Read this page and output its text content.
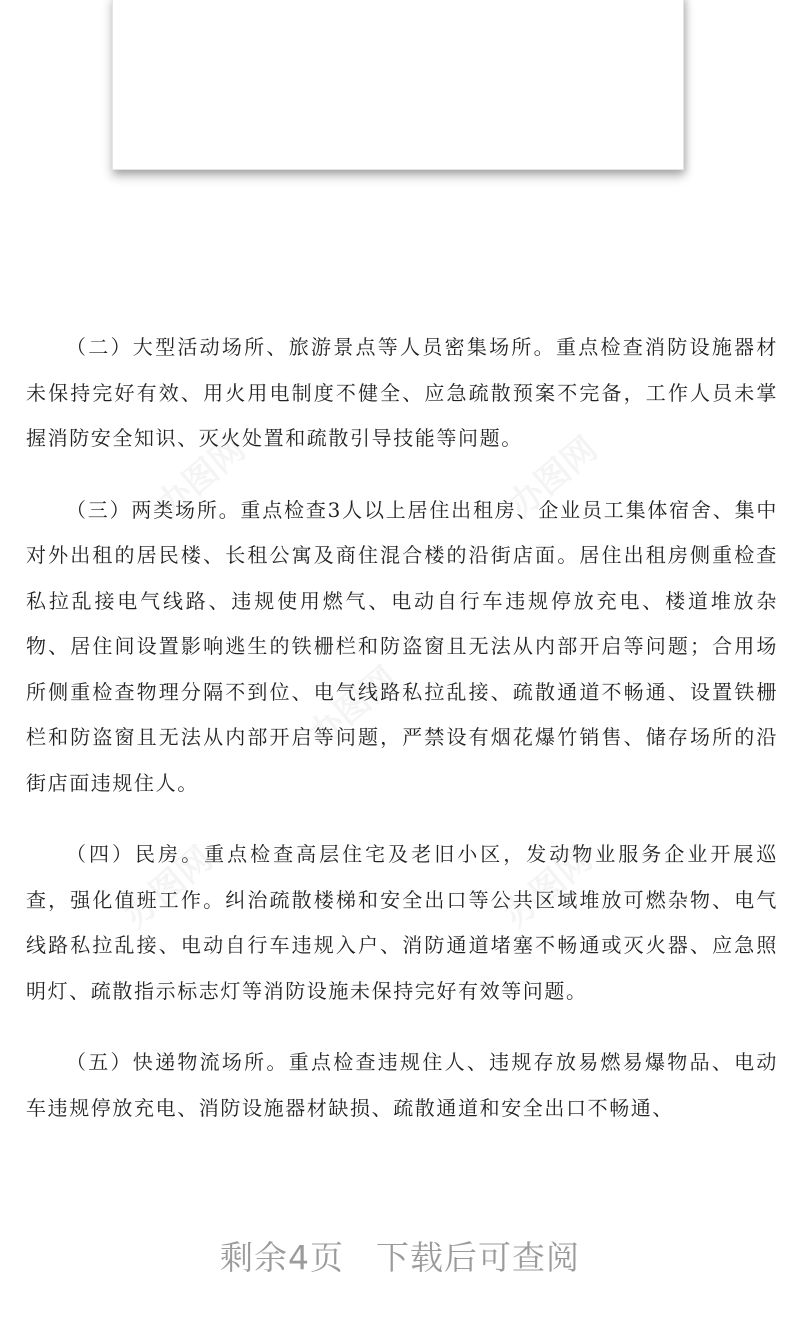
办图网	办图网
办图网
办图网	办图网

（二）大型活动场所、旅游景点等人员密集场所。重点检查消防设施器材未保持完好有效、用火用电制度不健全、应急疏散预案不完备，工作人员未掌握消防安全知识、灭火处置和疏散引导技能等问题。

（三）两类场所。重点检查3人以上居住出租房、企业员工集体宿舍、集中对外出租的居民楼、长租公寓及商住混合楼的沿街店面。居住出租房侧重检查私拉乱接电气线路、违规使用燃气、电动自行车违规停放充电、楼道堆放杂物、居住间设置影响逃生的铁栅栏和防盗窗且无法从内部开启等问题；合用场所侧重检查物理分隔不到位、电气线路私拉乱接、疏散通道不畅通、设置铁栅栏和防盗窗且无法从内部开启等问题，严禁设有烟花爆竹销售、储存场所的沿街店面违规住人。

（四）民房。重点检查高层住宅及老旧小区，发动物业服务企业开展巡查，强化值班工作。纠治疏散楼梯和安全出口等公共区域堆放可燃杂物、电气线路私拉乱接、电动自行车违规入户、消防通道堵塞不畅通或灭火器、应急照明灯、疏散指示标志灯等消防设施未保持完好有效等问题。

（五）快递物流场所。重点检查违规住人、违规存放易燃易爆物品、电动车违规停放充电、消防设施器材缺损、疏散通道和安全出口不畅通、

剩余4页 下载后可查阅
